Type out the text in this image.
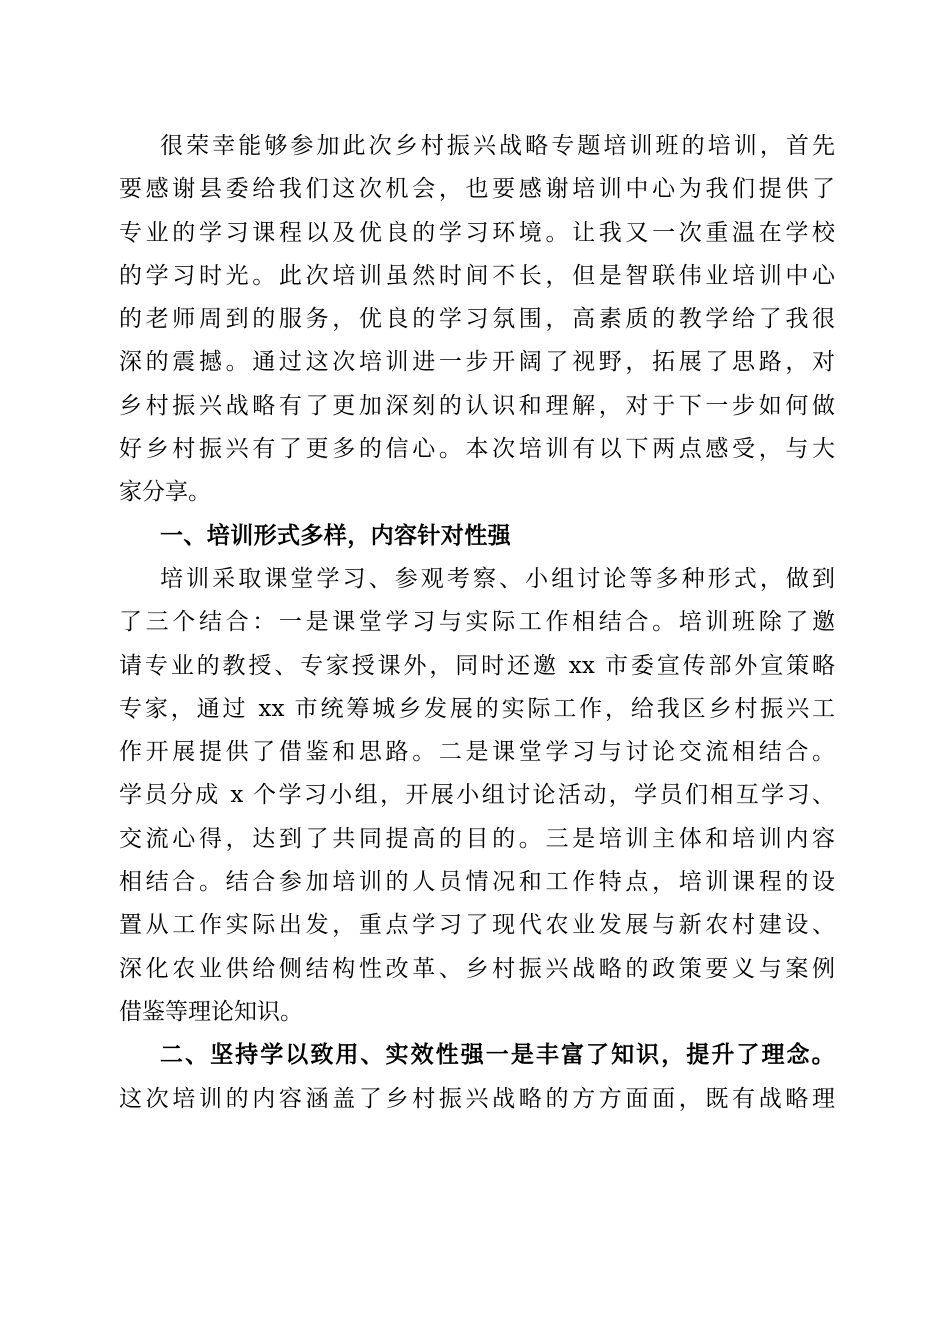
很荣幸能够参加此次乡村振兴战略专题培训班的培训，首先
要感谢县委给我们这次机会，也要感谢培训中心为我们提供了
专业的学习课程以及优良的学习环境。让我又一次重温在学校
的学习时光。此次培训虽然时间不长，但是智联伟业培训中心
的老师周到的服务，优良的学习氛围，高素质的教学给了我很
深的震撼。通过这次培训进一步开阔了视野，拓展了思路，对
乡村振兴战略有了更加深刻的认识和理解，对于下一步如何做
好乡村振兴有了更多的信心。本次培训有以下两点感受，与大
家分享。
一、培训形式多样，内容针对性强
培训采取课堂学习、参观考察、小组讨论等多种形式，做到
了三个结合：一是课堂学习与实际工作相结合。培训班除了邀
请专业的教授、专家授课外，同时还邀 xx 市委宣传部外宣策略
专家，通过 xx 市统筹城乡发展的实际工作，给我区乡村振兴工
作开展提供了借鉴和思路。二是课堂学习与讨论交流相结合。
学员分成 x 个学习小组，开展小组讨论活动，学员们相互学习、
交流心得，达到了共同提高的目的。三是培训主体和培训内容
相结合。结合参加培训的人员情况和工作特点，培训课程的设
置从工作实际出发，重点学习了现代农业发展与新农村建设、
深化农业供给侧结构性改革、乡村振兴战略的政策要义与案例
借鉴等理论知识。
二、坚持学以致用、实效性强一是丰富了知识，提升了理念。
这次培训的内容涵盖了乡村振兴战略的方方面面，既有战略理
